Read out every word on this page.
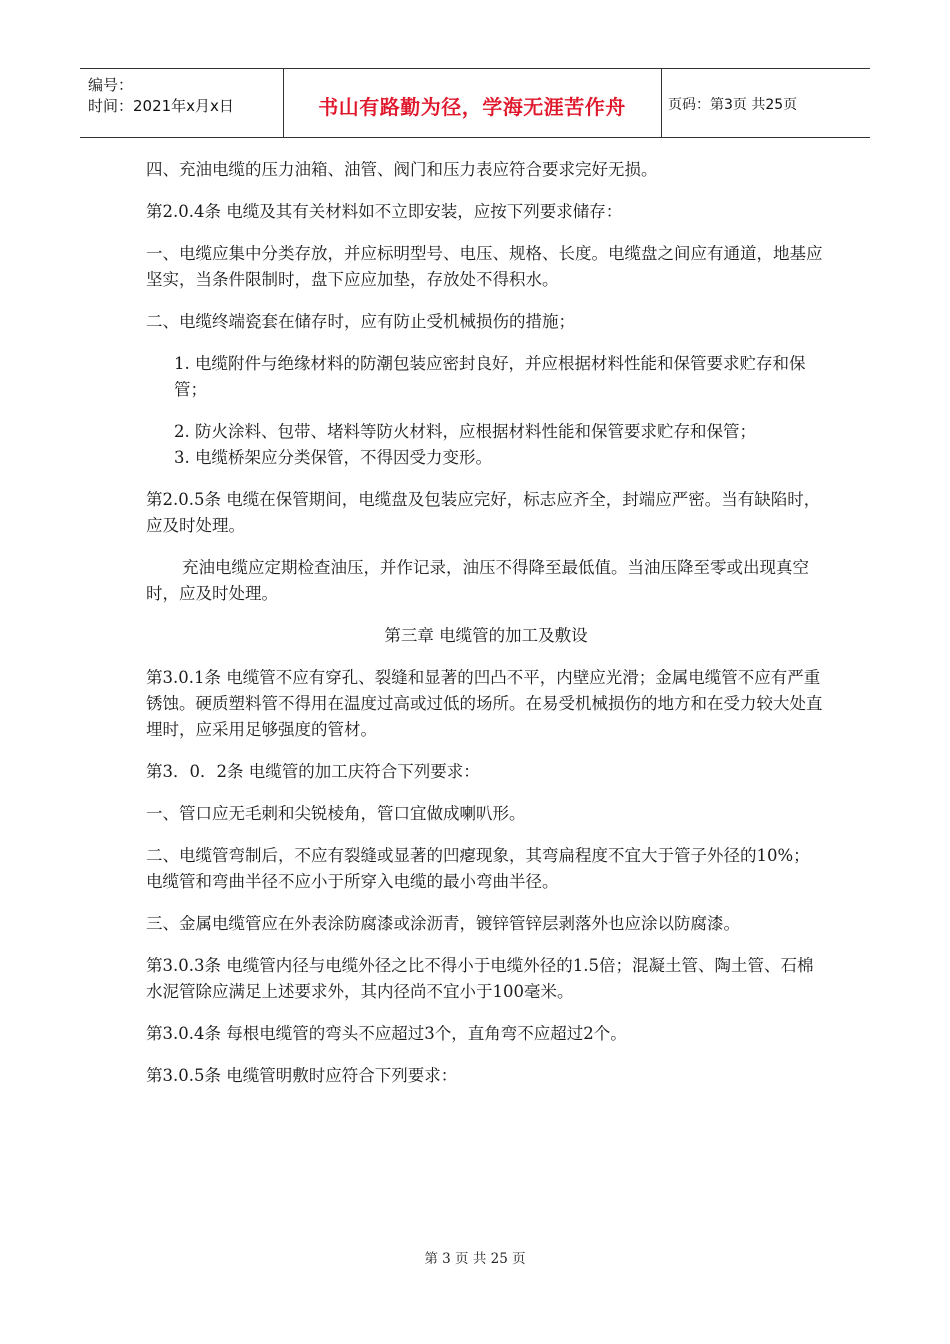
编号：
时间：2021年x月x日	书山有路勤为径，学海无涯苦作舟	页码：第3页 共25页

四、充油电缆的压力油箱、油管、阀门和压力表应符合要求完好无损。

第2.0.4条 电缆及其有关材料如不立即安装，应按下列要求储存：

一、电缆应集中分类存放，并应标明型号、电压、规格、长度。电缆盘之间应有通道，地基应坚实，当条件限制时，盘下应应加垫，存放处不得积水。

二、电缆终端瓷套在储存时，应有防止受机械损伤的措施；

1. 电缆附件与绝缘材料的防潮包装应密封良好，并应根据材料性能和保管要求贮存和保管；

2. 防火涂料、包带、堵料等防火材料，应根据材料性能和保管要求贮存和保管；

3. 电缆桥架应分类保管，不得因受力变形。

第2.0.5条 电缆在保管期间，电缆盘及包装应完好，标志应齐全，封端应严密。当有缺陷时，应及时处理。

充油电缆应定期检查油压，并作记录，油压不得降至最低值。当油压降至零或出现真空时，应及时处理。

第三章 电缆管的加工及敷设

第3.0.1条 电缆管不应有穿孔、裂缝和显著的凹凸不平，内壁应光滑；金属电缆管不应有严重锈蚀。硬质塑料管不得用在温度过高或过低的场所。在易受机械损伤的地方和在受力较大处直埋时，应采用足够强度的管材。

第3．0．2条 电缆管的加工庆符合下列要求：

一、管口应无毛刺和尖锐棱角，管口宜做成喇叭形。

二、电缆管弯制后，不应有裂缝或显著的凹瘪现象，其弯扁程度不宜大于管子外径的10%；电缆管和弯曲半径不应小于所穿入电缆的最小弯曲半径。

三、金属电缆管应在外表涂防腐漆或涂沥青，镀锌管锌层剥落外也应涂以防腐漆。

第3.0.3条 电缆管内径与电缆外径之比不得小于电缆外径的1.5倍；混凝土管、陶土管、石棉水泥管除应满足上述要求外，其内径尚不宜小于100毫米。

第3.0.4条 每根电缆管的弯头不应超过3个，直角弯不应超过2个。

第3.0.5条 电缆管明敷时应符合下列要求：

第 3 页 共 25 页
